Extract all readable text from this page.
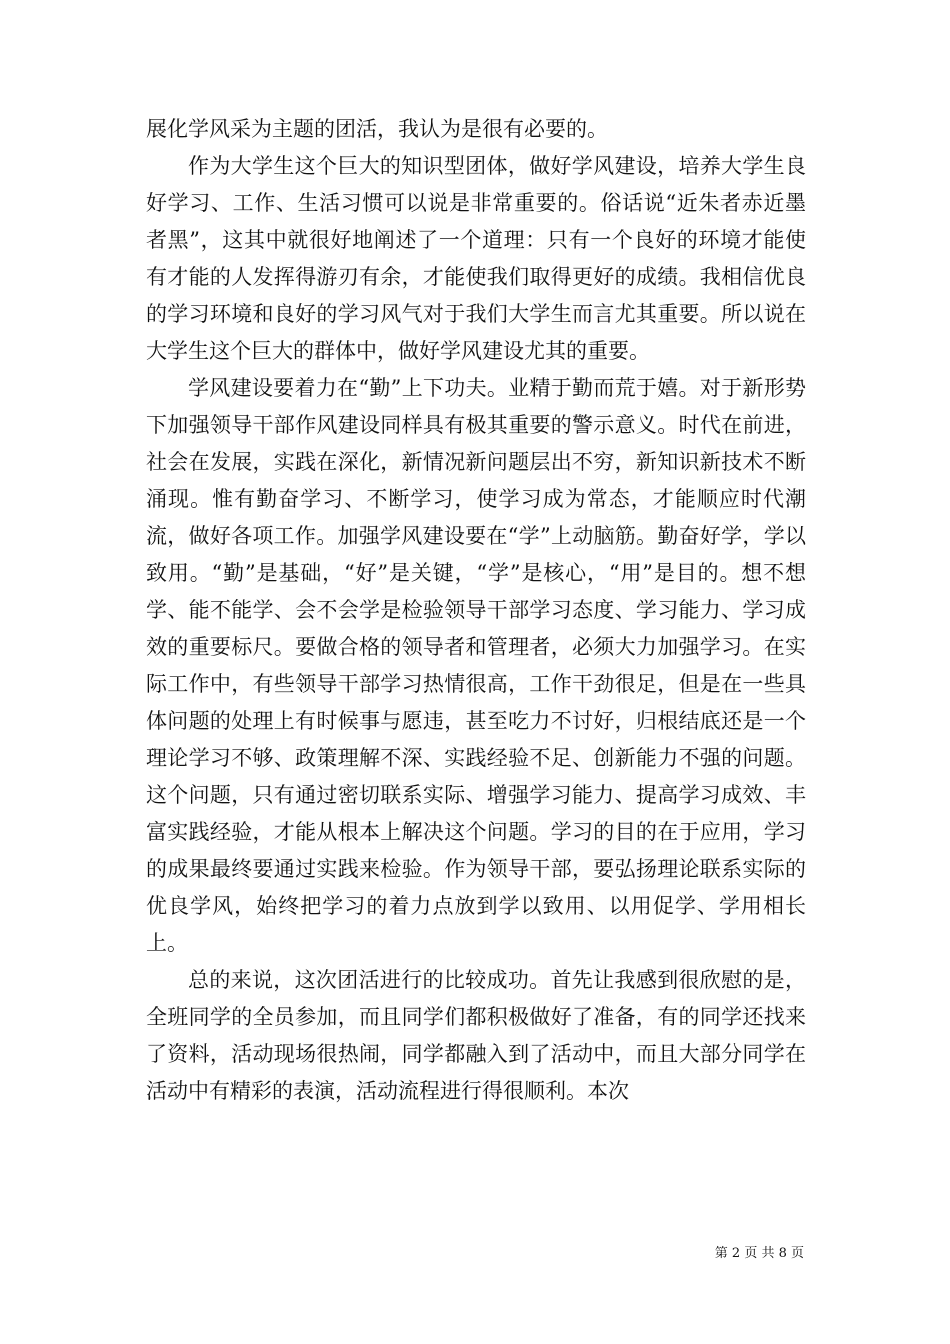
展化学风采为主题的团活，我认为是很有必要的。

作为大学生这个巨大的知识型团体，做好学风建设，培养大学生良好学习、工作、生活习惯可以说是非常重要的。俗话说“近朱者赤近墨者黑”，这其中就很好地阐述了一个道理：只有一个良好的环境才能使有才能的人发挥得游刃有余，才能使我们取得更好的成绩。我相信优良的学习环境和良好的学习风气对于我们大学生而言尤其重要。所以说在大学生这个巨大的群体中，做好学风建设尤其的重要。

学风建设要着力在“勤”上下功夫。业精于勤而荒于嬉。对于新形势下加强领导干部作风建设同样具有极其重要的警示意义。时代在前进，社会在发展，实践在深化，新情况新问题层出不穷，新知识新技术不断涌现。惟有勤奋学习、不断学习，使学习成为常态，才能顺应时代潮流，做好各项工作。加强学风建设要在“学”上动脑筋。勤奋好学，学以致用。“勤”是基础，“好”是关键，“学”是核心，“用”是目的。想不想学、能不能学、会不会学是检验领导干部学习态度、学习能力、学习成效的重要标尺。要做合格的领导者和管理者，必须大力加强学习。在实际工作中，有些领导干部学习热情很高，工作干劲很足，但是在一些具体问题的处理上有时候事与愿违，甚至吃力不讨好，归根结底还是一个理论学习不够、政策理解不深、实践经验不足、创新能力不强的问题。这个问题，只有通过密切联系实际、增强学习能力、提高学习成效、丰富实践经验，才能从根本上解决这个问题。学习的目的在于应用，学习的成果最终要通过实践来检验。作为领导干部，要弘扬理论联系实际的优良学风，始终把学习的着力点放到学以致用、以用促学、学用相长上。

总的来说，这次团活进行的比较成功。首先让我感到很欣慰的是，全班同学的全员参加，而且同学们都积极做好了准备，有的同学还找来了资料，活动现场很热闹，同学都融入到了活动中，而且大部分同学在活动中有精彩的表演，活动流程进行得很顺利。本次

第 2 页 共 8 页
